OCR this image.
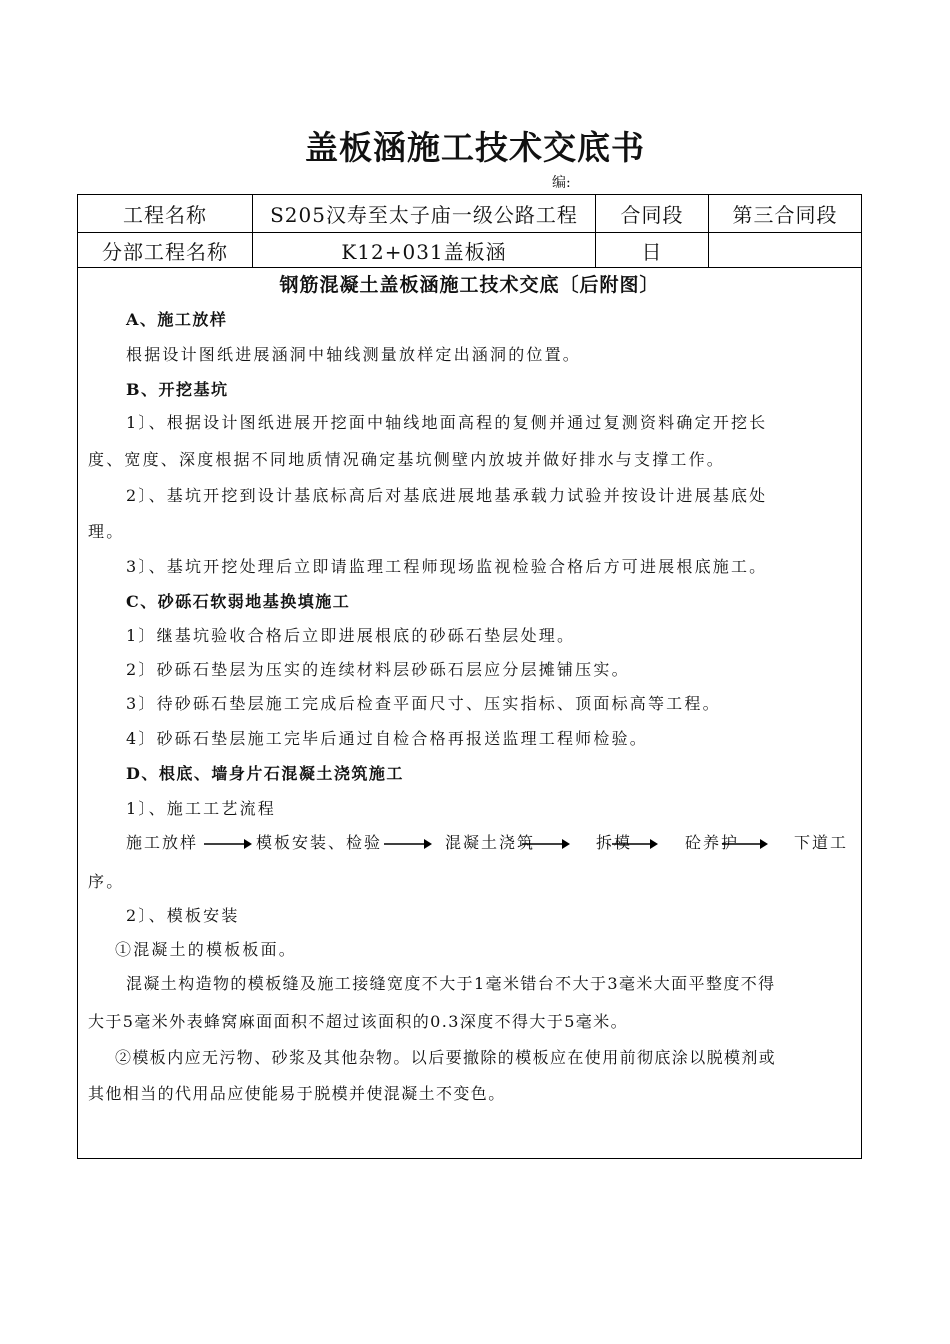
盖板涵施工技术交底书
编:
工程名称	S205汉寿至太子庙一级公路工程	合同段	第三合同段
分部工程名称	K12+031盖板涵	日
钢筋混凝土盖板涵施工技术交底〔后附图〕
A、施工放样
根据设计图纸进展涵洞中轴线测量放样定出涵洞的位置。
B、开挖基坑
1〕、根据设计图纸进展开挖面中轴线地面高程的复侧并通过复测资料确定开挖长
度、宽度、深度根据不同地质情况确定基坑侧壁内放坡并做好排水与支撑工作。
2〕、基坑开挖到设计基底标高后对基底进展地基承载力试验并按设计进展基底处
理。
3〕、基坑开挖处理后立即请监理工程师现场监视检验合格后方可进展根底施工。
C、砂砾石软弱地基换填施工
1〕继基坑验收合格后立即进展根底的砂砾石垫层处理。
2〕砂砾石垫层为压实的连续材料层砂砾石层应分层摊铺压实。
3〕待砂砾石垫层施工完成后检查平面尺寸、压实指标、顶面标高等工程。
4〕砂砾石垫层施工完毕后通过自检合格再报送监理工程师检验。
D、根底、墙身片石混凝土浇筑施工
1〕、施工工艺流程
施工放样	模板安装、检验	混凝土浇筑	拆模	砼养护	下道工
序。
2〕、模板安装
①混凝土的模板板面。
混凝土构造物的模板缝及施工接缝宽度不大于1毫米错台不大于3毫米大面平整度不得
大于5毫米外表蜂窝麻面面积不超过该面积的0.3深度不得大于5毫米。
②模板内应无污物、砂浆及其他杂物。以后要撤除的模板应在使用前彻底涂以脱模剂或
其他相当的代用品应使能易于脱模并使混凝土不变色。
